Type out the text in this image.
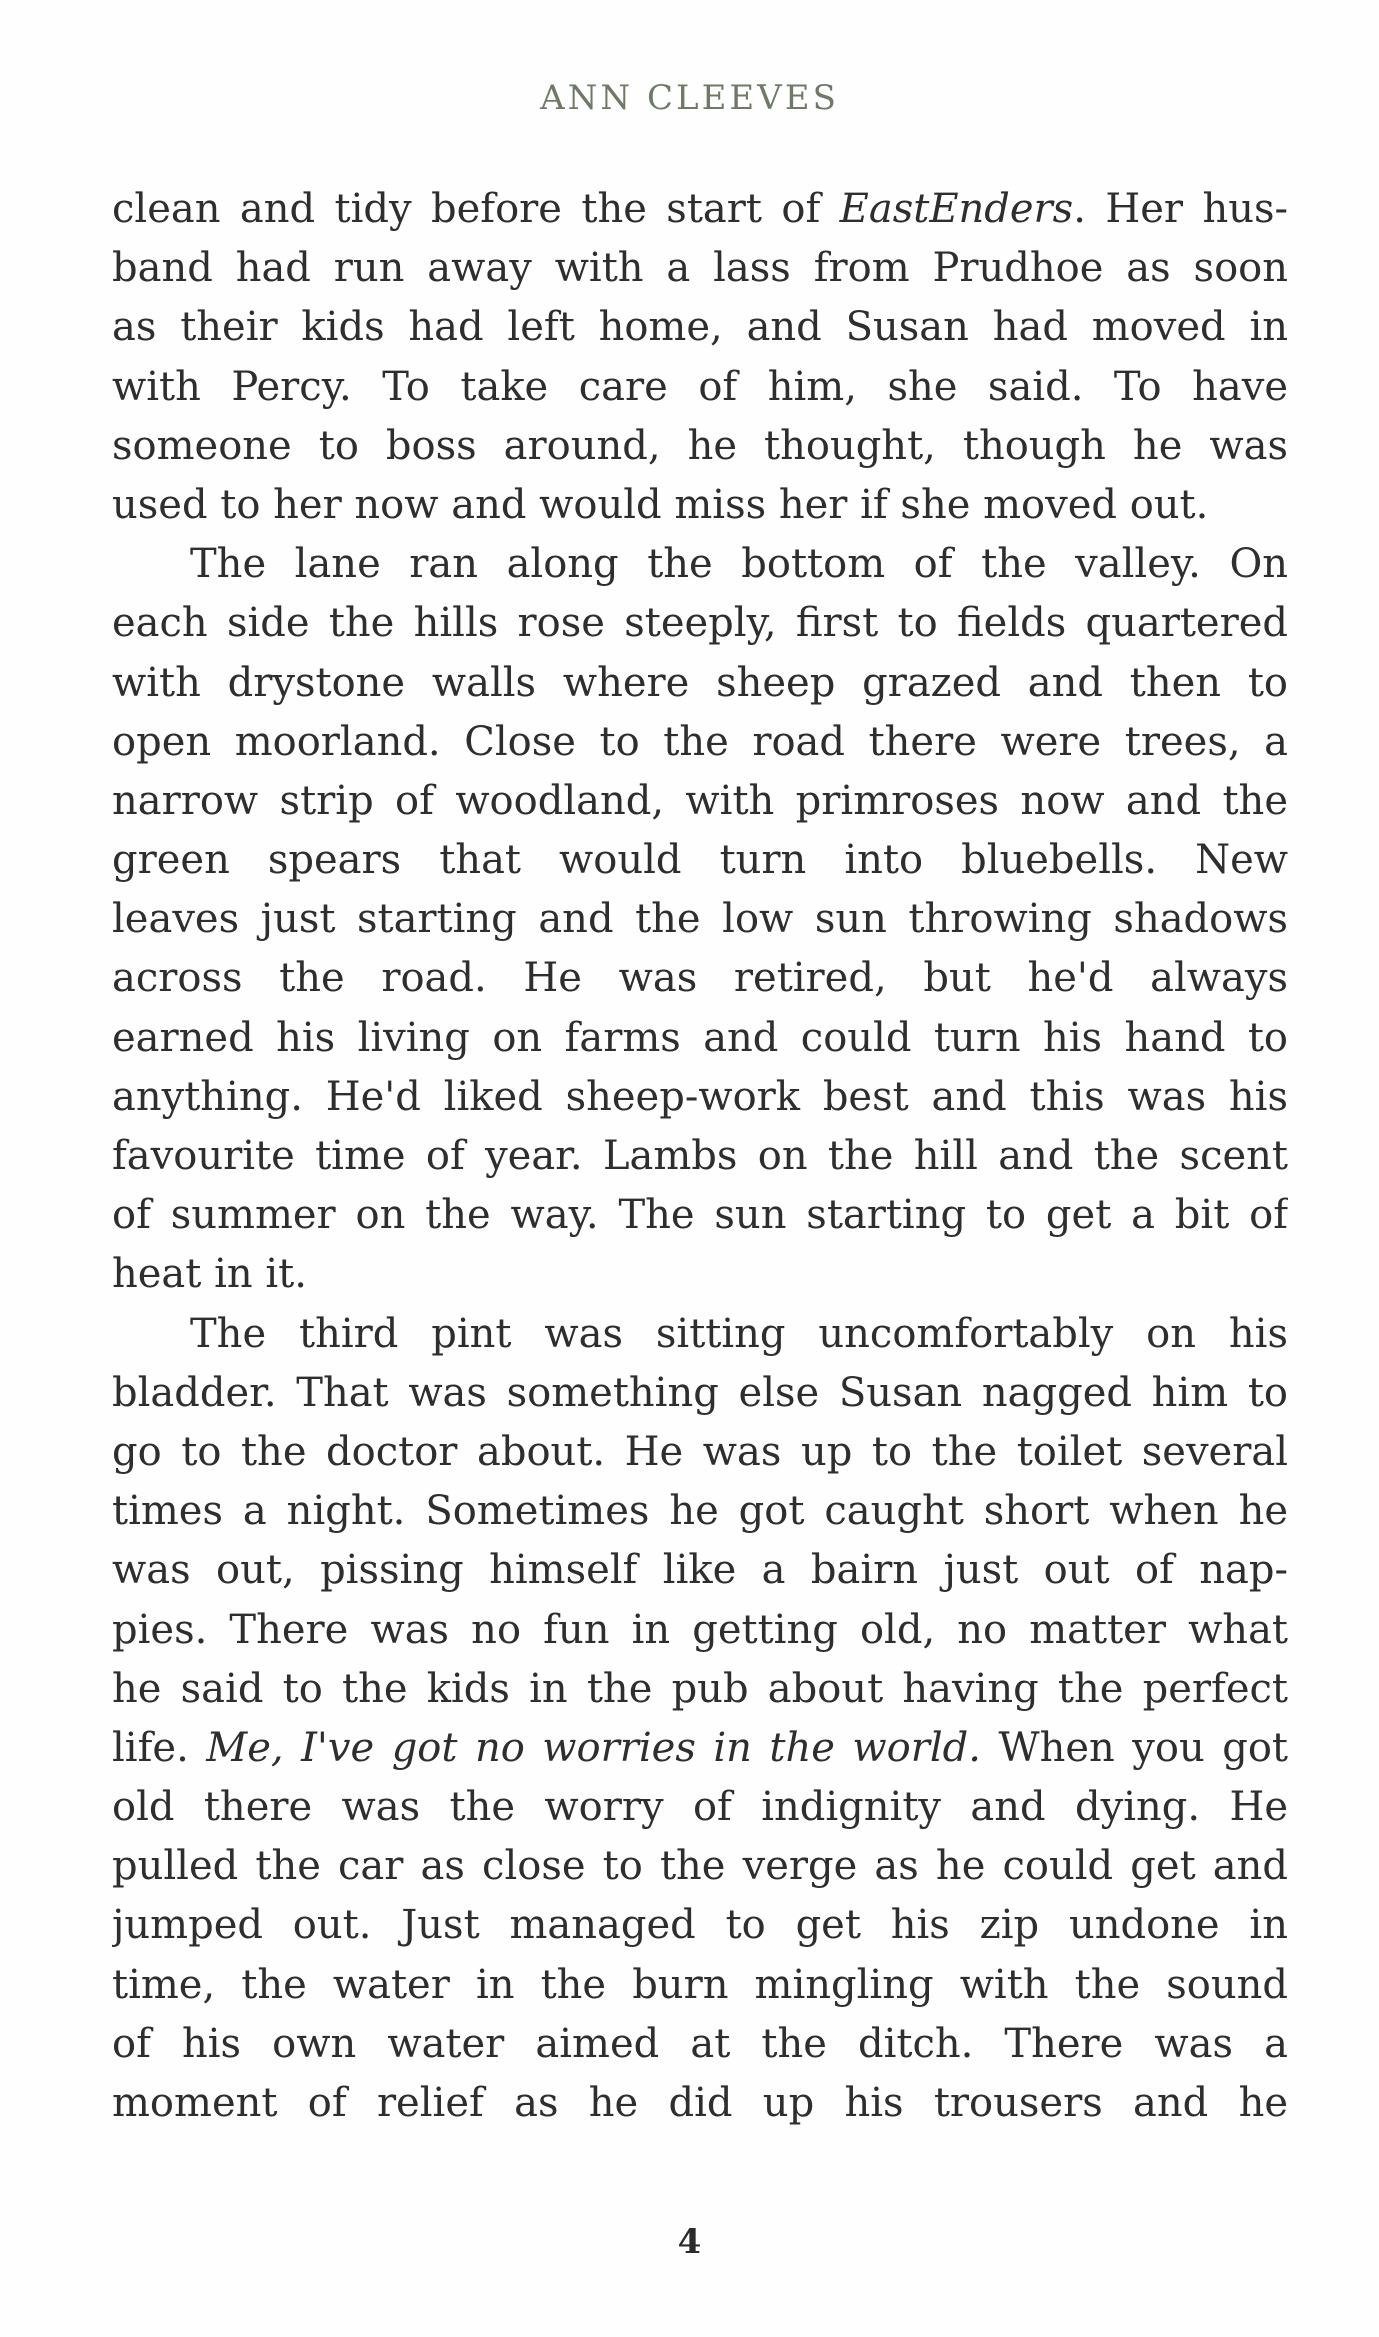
ANN CLEEVES
clean and tidy before the start of EastEnders. Her hus-
band had run away with a lass from Prudhoe as soon
as their kids had left home, and Susan had moved in
with Percy. To take care of him, she said. To have
someone to boss around, he thought, though he was
used to her now and would miss her if she moved out.
The lane ran along the bottom of the valley. On
each side the hills rose steeply, first to fields quartered
with drystone walls where sheep grazed and then to
open moorland. Close to the road there were trees, a
narrow strip of woodland, with primroses now and the
green spears that would turn into bluebells. New
leaves just starting and the low sun throwing shadows
across the road. He was retired, but he'd always
earned his living on farms and could turn his hand to
anything. He'd liked sheep-work best and this was his
favourite time of year. Lambs on the hill and the scent
of summer on the way. The sun starting to get a bit of
heat in it.
The third pint was sitting uncomfortably on his
bladder. That was something else Susan nagged him to
go to the doctor about. He was up to the toilet several
times a night. Sometimes he got caught short when he
was out, pissing himself like a bairn just out of nap-
pies. There was no fun in getting old, no matter what
he said to the kids in the pub about having the perfect
life. Me, I've got no worries in the world. When you got
old there was the worry of indignity and dying. He
pulled the car as close to the verge as he could get and
jumped out. Just managed to get his zip undone in
time, the water in the burn mingling with the sound
of his own water aimed at the ditch. There was a
moment of relief as he did up his trousers and he
4
